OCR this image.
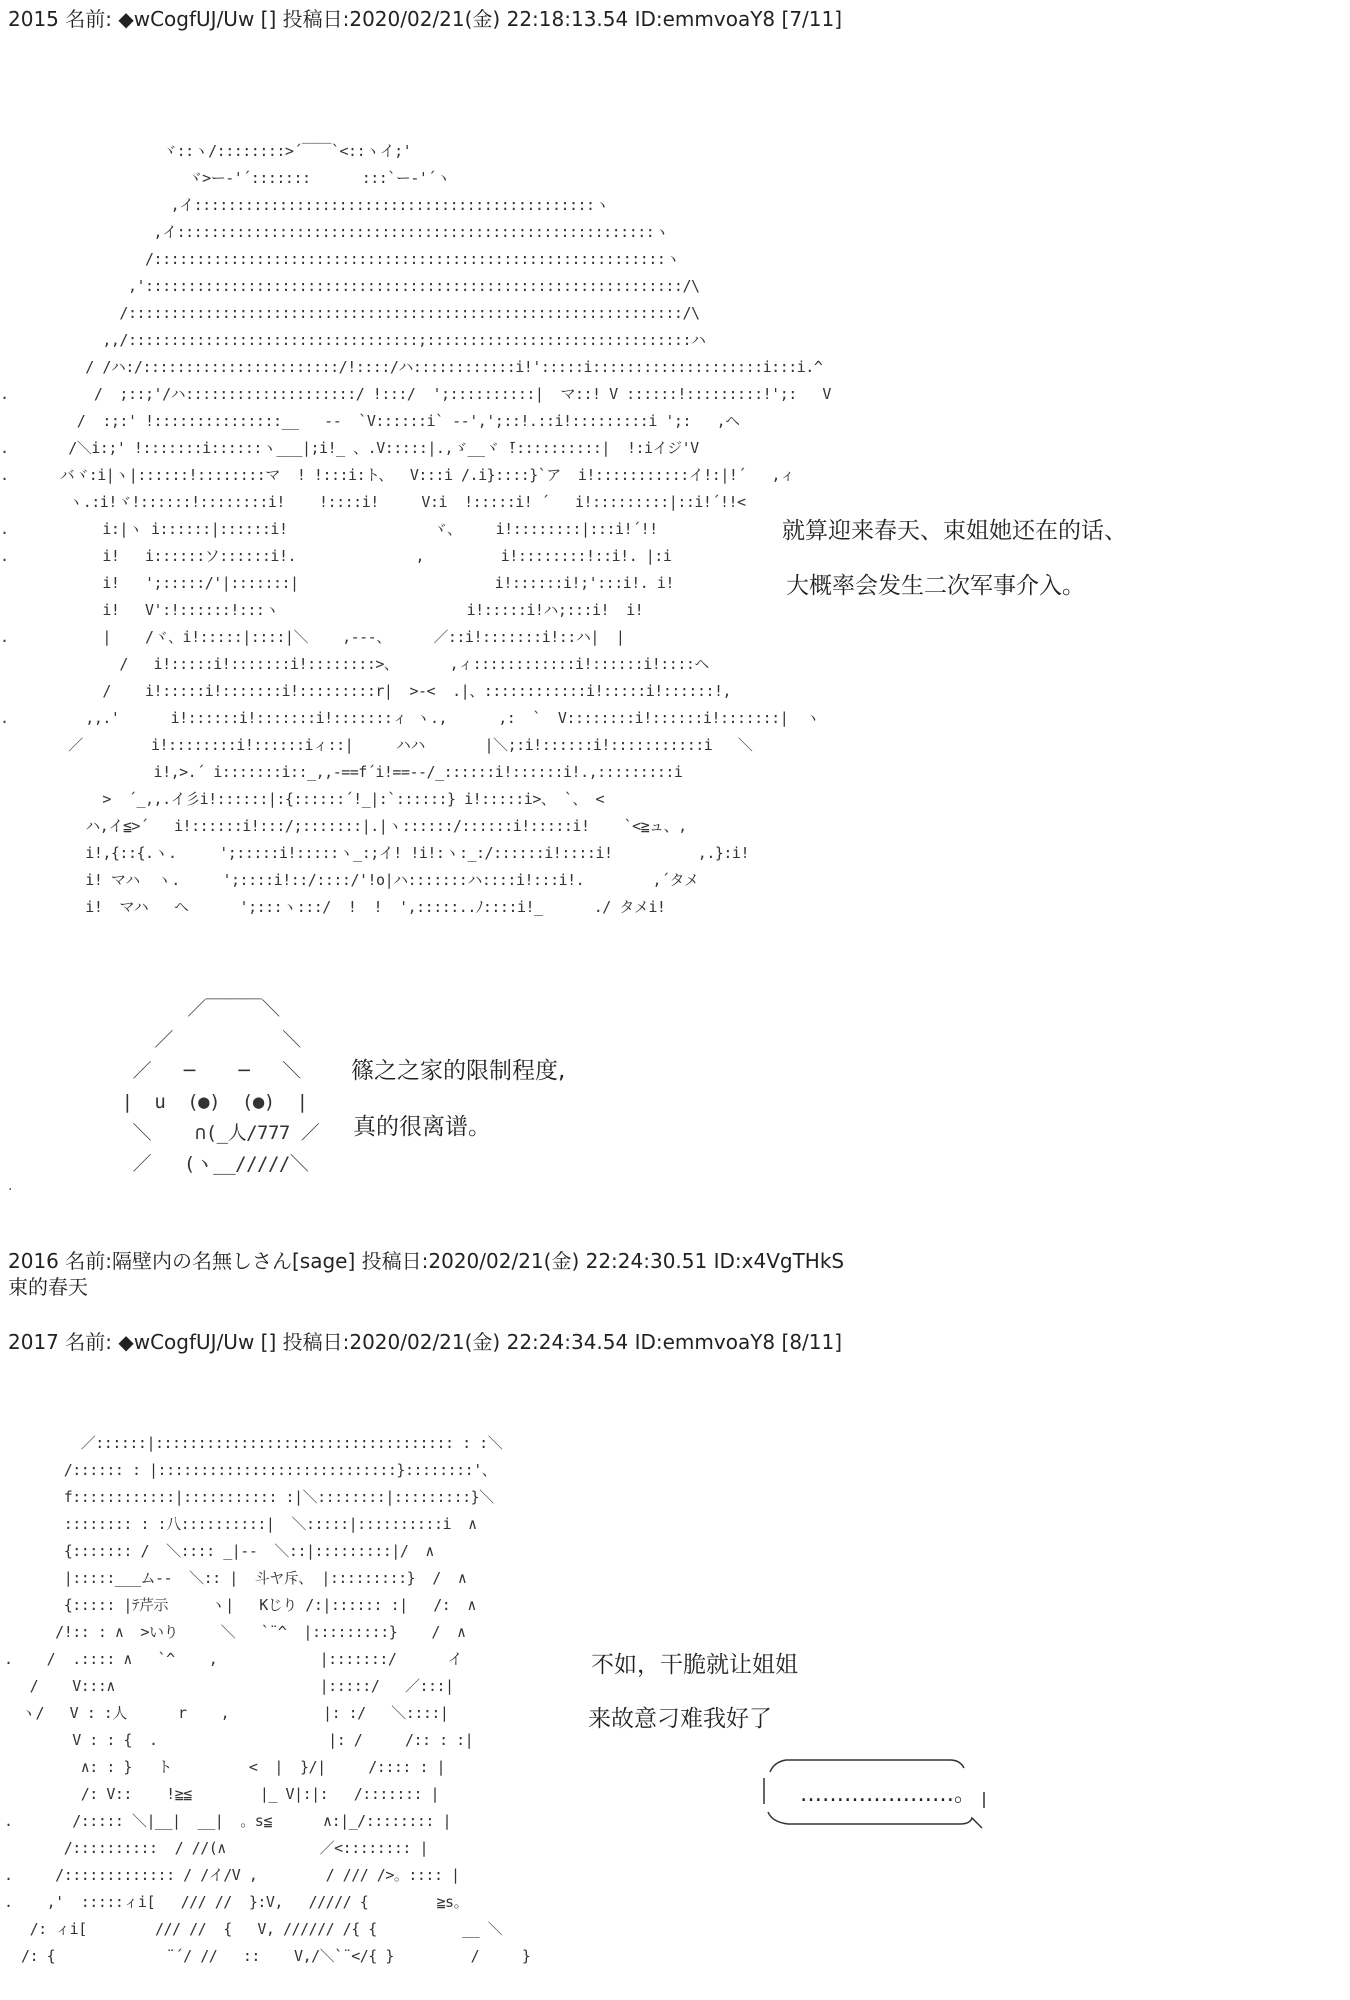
2015 名前: ◆wCogfUJ/Uw [] 投稿日:2020/02/21(金) 22:18:13.54 ID:emmvoaY8 [7/11]
ヾ::ヽ/::::::::>´￣￣`<::ヽイ;'
ヾ>ー‐'´:::::::      :::`ー‐'´ヽ
,イ:::::::::::::::::::::::::::::::::::::::::::::::ヽ
,イ::::::::::::::::::::::::::::::::::::::::::::::::::::::::ヽ
/::::::::::::::::::::::::::::::::::::::::::::::::::::::::::::ヽ
,':::::::::::::::::::::::::::::::::::::::::::::::::::::::::::::::/\
/:::::::::::::::::::::::::::::::::::::::::::::::::::::::::::::::::/\
,,/::::::::::::::::::::::::::::::::::;:::::::::::::::::::::::::::::::ハ
/ /ハ:/:::::::::::::::::::::::/!::::/ハ::::::::::::i!':::::i::::::::::::::::::::i:::i.^
.          /  ;::;'/ハ::::::::::::::::::::/ !:::/  ';::::::::::|  マ::! V ::::::!:::::::::!';:   V
/  :;:' !:::::::::::::::__   ‐‐  `V::::::i` ‐‐',';::!.::i!:::::::::i ';:   ,ヘ
.       /＼i:;' !:::::::i::::::ヽ___|;i!_ 、.V:::::|.,ゞ__ヾ ̄!::::::::::|  !:iイジ'V
.      バヾ:i|ヽ|::::::!::::::::マ  ! !:::i:ト、  V:::i /.i}::::}`ア  i!:::::::::::イ!:|!´   ,ィ
ヽ.:i!ヾ!::::::!::::::::i!    !::::i!     V:i  !:::::i! ´   i!:::::::::|::i!´!!<
.           i:|ヽ i::::::|::::::i!                 ヾ、    i!::::::::|:::i!´!!
.           i!   i::::::ソ::::::i!.              ,         i!::::::::!::i!. |:i
i!   ';:::::/'|:::::::|                       i!::::::i!;':::i!. i!
i!   V':!::::::!:::ヽ                      i!:::::i!ハ;:::i!  i!
.           |    /ヾ、i!:::::|::::|＼    ,‐‐‐、     ／::i!:::::::i!::ハ|  |
/   i!:::::i!:::::::i!::::::::>、      ,ィ::::::::::::i!::::::i!::::ヘ
/    i!:::::i!:::::::i!:::::::::r|  >‐<  .|、::::::::::::i!:::::i!::::::!,
.         ,,.'      i!::::::i!:::::::i!:::::::ィ ヽ.,      ,:  `  V::::::::i!::::::i!:::::::|  ヽ
／        i!::::::::i!::::::iィ::|     ハハ       |＼;:i!::::::i!:::::::::::i   ＼
i!,>.´ i:::::::i::_,,‐==f´i!==‐‐/_::::::i!::::::i!.,:::::::::i
>  ´_,,.イ彡i!::::::|:{::::::´!_|:`::::::} i!:::::i>、 `、 <
ハ,イ≦>´   i!::::::i!:::/;:::::::|.|ヽ::::::/::::::i!:::::i!    `<≧ュ、,
i!,{::{.ヽ.     ';:::::i!:::::ヽ_:;イ! !i!:ヽ:_:/::::::i!::::i!          ,.}:i!
i! マハ  ヽ.     ';::::i!::/::::/'!o|ハ:::::::ハ::::i!:::i!.        ,´タメ
i!  マハ   ヘ      ';:::ヽ:::/  !  !  ',:::::..ﾉ::::i!_      ./ タメi!
就算迎来春天、束姐她还在的话、
大概率会发生二次军事介入。
／￣￣￣＼
／          ＼
／   ─    ─   ＼
|  u  (●)  (●)  |
＼    ∩(_人/777 ／
／   (ヽ__/////＼
篠之之家的限制程度,
真的很离谱。
.
2016 名前:隔壁内の名無しさん[sage] 投稿日:2020/02/21(金) 22:24:30.51 ID:x4VgTHkS
束的春天
2017 名前: ◆wCogfUJ/Uw [] 投稿日:2020/02/21(金) 22:24:34.54 ID:emmvoaY8 [8/11]
／::::::|::::::::::::::::::::::::::::::::::: : :＼
/:::::: : |::::::::::::::::::::::::::::}::::::::'、
f::::::::::::|::::::::::: :|＼::::::::|:::::::::}＼
:::::::: : :八::::::::::|  ＼:::::|::::::::::i  ∧
{::::::: /  ＼:::: _|‐‐  ＼::|:::::::::|/  ∧
|:::::___ム‐‐  ＼:: |  斗ヤ斥、 |:::::::::}  /  ∧
{::::: |ﾃ芹示     ヽ|   Kじり /:|:::::: :|   /:  ∧
/!:: : ∧  >いり     ＼   `¨^  |:::::::::}    /  ∧
.    /  .:::: ∧   `^    ,            |:::::::/      イ
/    V:::∧                        |:::::/   ／:::|
ヽ/   V : :人      r    ,           |: :/   ＼::::|
V : : {  .                    |: /     /:: : :|
∧: : }   ト         <  |  }/|     /:::: : |
/: V::    !≧≦        |_ V|:|:   /::::::: |
.       /::::: ＼|__|  __|  。s≦      ∧:|_/:::::::: |
/::::::::::  / //(∧           ／<:::::::: |
.     /::::::::::::: / /イ/V ,        / /// />。:::: |
.    ,'  :::::ィi[   /// //  }:V,   ///// {        ≧s。
/: ィi[        /// //  {   V, ////// /{ {          __ ＼
/: {             ¨´/ //   ::    V,/＼`¨</{ }         /     }
不如，干脆就让姐姐
来故意刁难我好了
…………………。
